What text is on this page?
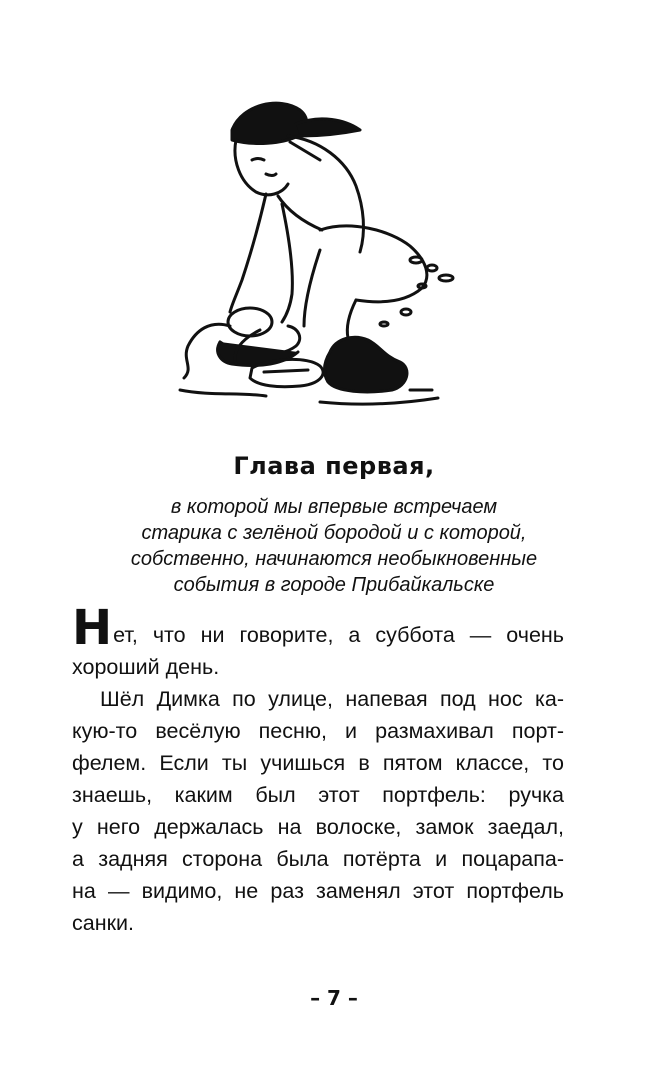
Глава первая,
в которой мы впервые встречаем
старика с зелёной бородой и с которой,
собственно, начинаются необыкновенные
события в городе Прибайкальске
Нет, что ни говорите, а суббота — очень
хороший день.
Шёл Димка по улице, напевая под нос ка-
кую-то весёлую песню, и размахивал порт-
фелем. Если ты учишься в пятом классе, то
знаешь, каким был этот портфель: ручка
у него держалась на волоске, замок заедал,
а задняя сторона была потёрта и поцарапа-
на — видимо, не раз заменял этот портфель
санки.
– 7 –
